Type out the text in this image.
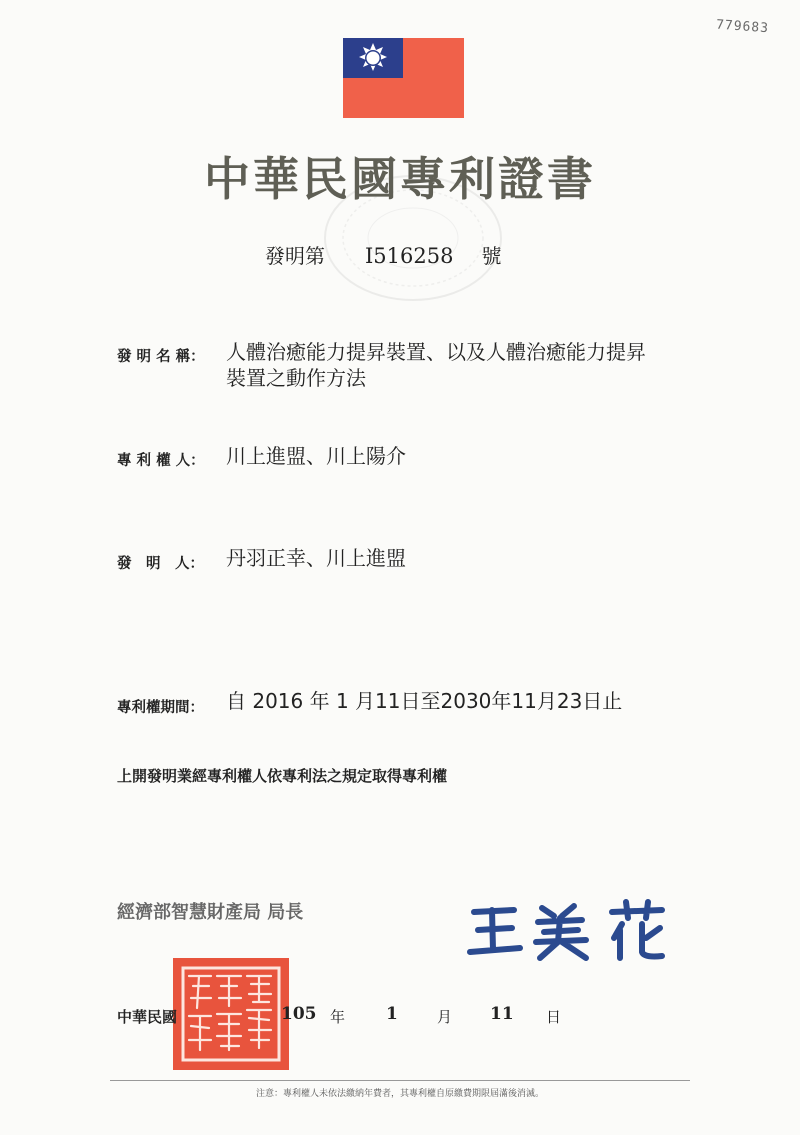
779683
中華民國專利證書
發明第 I516258 號
發 明 名 稱： 人體治癒能力提昇裝置、以及人體治癒能力提昇
裝置之動作方法
專 利 權 人： 川上進盟、川上陽介
發　明　人： 丹羽正幸、川上進盟
專利權期間： 自 2016 年 1 月11日至2030年11月23日止
上開發明業經專利權人依專利法之規定取得專利權
經濟部智慧財產局 局長
中華民國	105 年 1	月 11 日
注意：專利權人未依法繳納年費者，其專利權自原繳費期限屆滿後消滅。
